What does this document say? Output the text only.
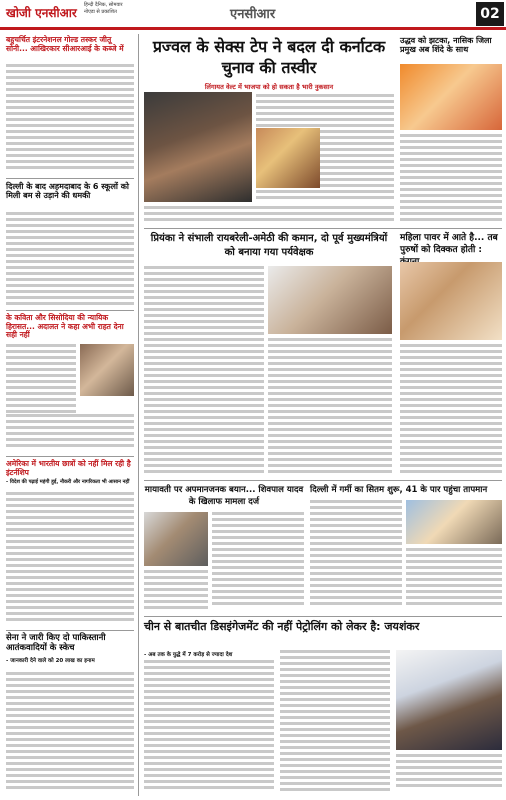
खोजी एनसीआर
हिन्दी दैनिक, सोमवार
नोएडा से प्रकाशित	एनसीआर	02
बहुचर्चित इंटरनेशनल गोल्ड तस्कर जीतू सोनी... आखिरकार सीआरआई के कब्जे में
दिल्ली के बाद अहमदाबाद के 6 स्कूलों को मिली बम से उड़ाने की धमकी
के कविता और सिसोदिया की न्यायिक हिरासत... अदालत ने कहा अभी राहत देना सही नहीं
अमेरिका में भारतीय छात्रों को नहीं मिल रही है इंटर्नशिप
- विदेश की पढ़ाई महंगी हुई, नौकरी और नागरिकता भी आसान नहीं
सेना ने जारी किए दो पाकिस्तानी आतंकवादियों के स्केच
- जानकारी देने वाले को 20 लाख का इनाम
प्रज्वल के सेक्स टेप ने बदल दी कर्नाटक चुनाव की तस्वीर
लिंगायत वेल्ट में भाजपा को हो सकता है भारी नुकसान
उद्धव को झटका, नासिक जिला प्रमुख अब शिंदे के साथ
प्रियंका ने संभाली रायबरेली-अमेठी की कमान, दो पूर्व मुख्यमंत्रियों को बनाया गया पर्यवेक्षक
महिला पावर में आते है... तब पुरुषों को दिक्कत होती :
मायावती पर अपमानजनक बयान... शिवपाल यादव के खिलाफ मामला दर्ज
दिल्ली में गर्मी का सितम शुरू, 41 के पार पहुंचा तापमान
चीन से बातचीत डिसइंगेजमेंट की नहीं पेट्रोलिंग को लेकर है: जयशंकर
- अब तक के युद्धे में 7 करोड़ से ज्यादा देश
